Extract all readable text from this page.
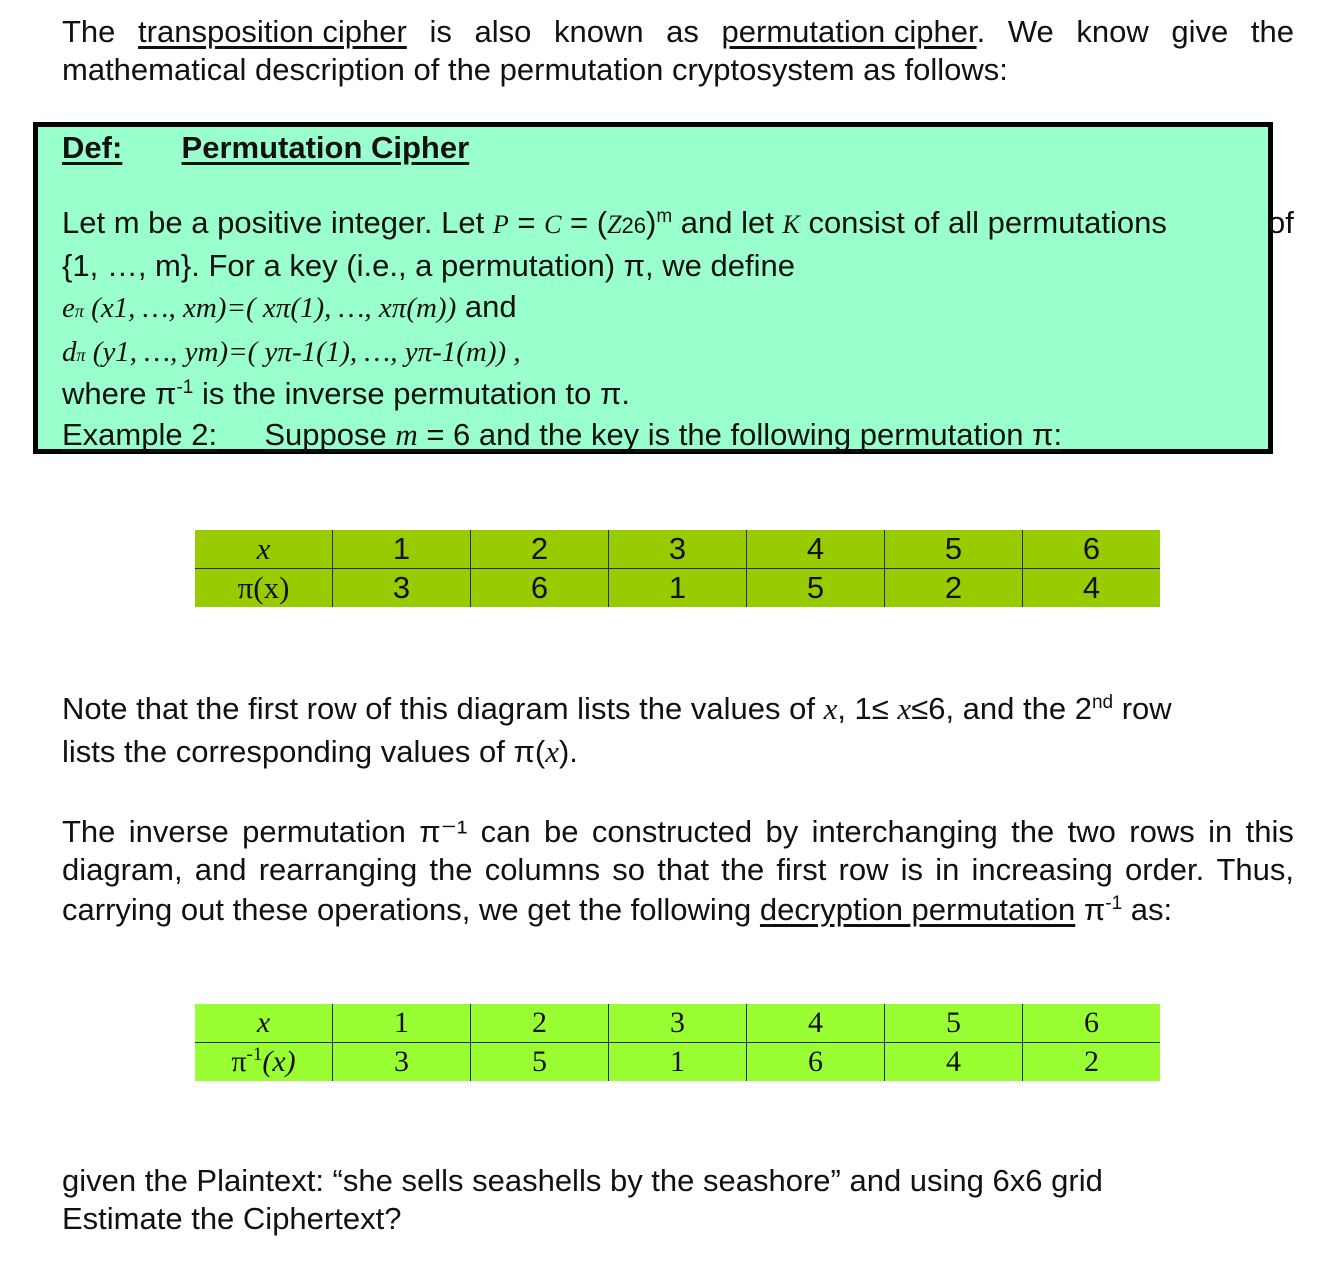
The transposition cipher is also known as permutation cipher. We know give the
mathematical description of the permutation cryptosystem as follows:
Def: Permutation Cipher
Let m be a positive integer. Let $P = C = (Z26)^m$ and let K consist of all permutations	of
{1, …, m}. For a key (i.e., a permutation) π, we define
eπ (x1, …, xm)=( xπ(1), …, xπ(m)) and
dπ (y1, …, ym)=( yπ-1(1), …, yπ-1(m)) ,
where $\pi^{-1}$ is the inverse permutation to π.
Example 2: Suppose m = 6 and the key is the following permutation π:
x	1	2	3	4	5	6
π(x)	3	6	1	5	2	4
Note that the first row of this diagram lists the values of x, 1≤ x≤6, and the 2nd row
lists the corresponding values of π(x).
The inverse permutation π⁻¹ can be constructed by interchanging the two rows in this
diagram, and rearranging the columns so that the first row is in increasing order. Thus,
carrying out these operations, we get the following decryption permutation $\pi^{-1}$ as:
x	1	2	3	4	5	6
$\pi^{-1}(x)$	3	5	1	6	4	2
given the Plaintext: “she sells seashells by the seashore” and using 6x6 grid
Estimate the Ciphertext?
